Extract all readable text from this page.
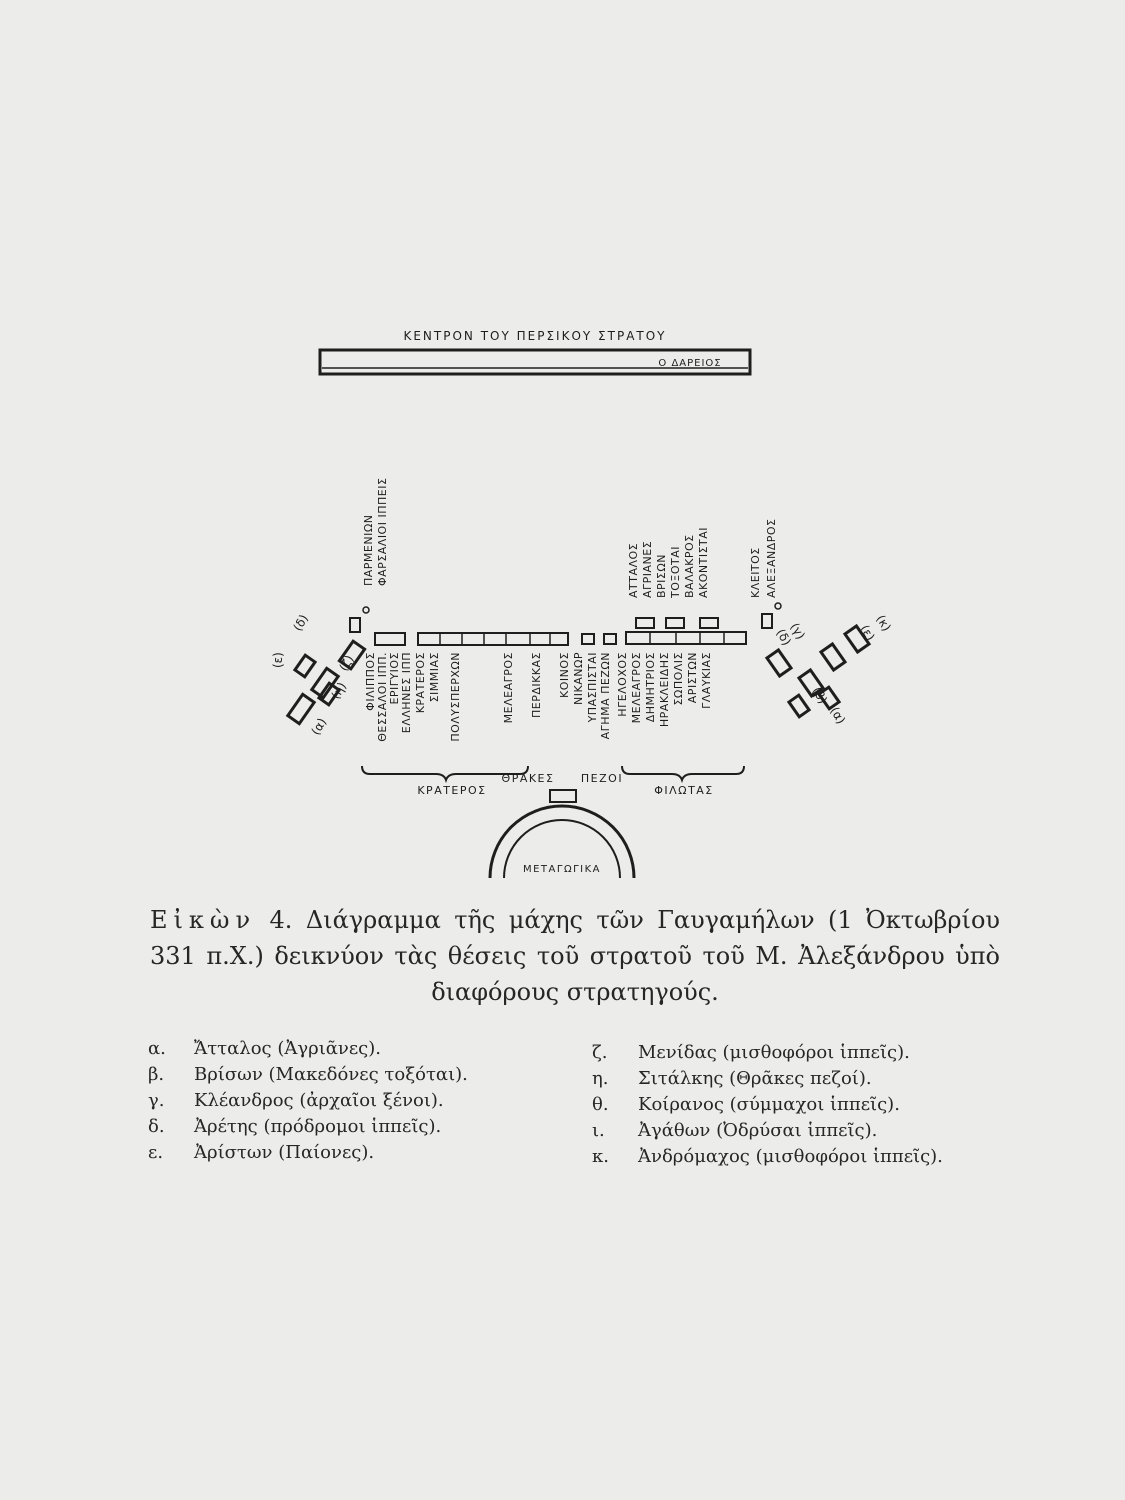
ΚΕΝΤΡΟΝ ΤΟΥ ΠΕΡΣΙΚΟΥ ΣΤΡΑΤΟΥ
Ο ΔΑΡΕΙΟΣ
ΠΑΡΜΕΝΙΩΝ ΦΑΡΣΑΛΙΟΙ ΙΠΠΕΙΣ	ΑΤΤΑΛΟΣ ΑΓΡΙΑΝΕΣ ΒΡΙΣΩΝ ΤΟΞΟΤΑΙ ΒΑΛΑΚΡΟΣ ΑΚΟΝΤΙΣΤΑΙ	ΚΛΕΙΤΟΣ ΑΛΕΞΑΝΔΡΟΣ
(ε)
(δ)
(α)
(η)
(ζ)
(δ)
(γ)
(β)
(α)
(ε)
(κ)
ΦΙΛΙΠΠΟΣ ΘΕΣΣΑΛΟΙ ΙΠΠ. ΕΡΙΓΥΙΟΣ ΕΛΛΗΝΕΣ ΙΠΠ ΚΡΑΤΕΡΟΣ ΣΙΜΜΙΑΣ ΠΟΛΥΣΠΕΡΧΩΝ	ΜΕΛΕΑΓΡΟΣ ΠΕΡΔΙΚΚΑΣ ΚΟΙΝΟΣ ΝΙΚΑΝΩΡ ΥΠΑΣΠΙΣΤΑΙ ΑΓΗΜΑ ΠΕΖΩΝ ΗΓΕΛΟΧΟΣ ΜΕΛΕΑΓΡΟΣ ΔΗΜΗΤΡΙΟΣ ΗΡΑΚΛΕΙΔΗΣ ΣΩΠΟΛΙΣ ΑΡΙΣΤΩΝ ΓΛΑΥΚΙΑΣ
ΚΡΑΤΕΡΟΣ
ΘΡΑΚΕΣ ΠΕΖΟΙ
ΦΙΛΩΤΑΣ
ΜΕΤΑΓΩΓΙΚΑ
Εἰκὼν 4. Διάγραμμα τῆς μάχης τῶν Γαυγαμήλων (1 Ὀκτωβρίου
331 π.Χ.) δεικνύον τὰς θέσεις τοῦ στρατοῦ τοῦ Μ. Ἀλεξάνδρου ὑπὸ
διαφόρους στρατηγούς.
α.	Ἄτταλος (Ἀγριᾶνες).
β.	Βρίσων (Μακεδόνες τοξόται).
γ.	Κλέανδρος (ἀρχαῖοι ξένοι).
δ.	Ἀρέτης (πρόδρομοι ἱππεῖς).
ε.	Ἀρίστων (Παίονες).
ζ.	Μενίδας (μισθοφόροι ἱππεῖς).
η.	Σιτάλκης (Θρᾶκες πεζοί).
θ.	Κοίρανος (σύμμαχοι ἱππεῖς).
ι.	Ἀγάθων (Ὀδρύσαι ἱππεῖς).
κ.	Ἀνδρόμαχος (μισθοφόροι ἱππεῖς).
